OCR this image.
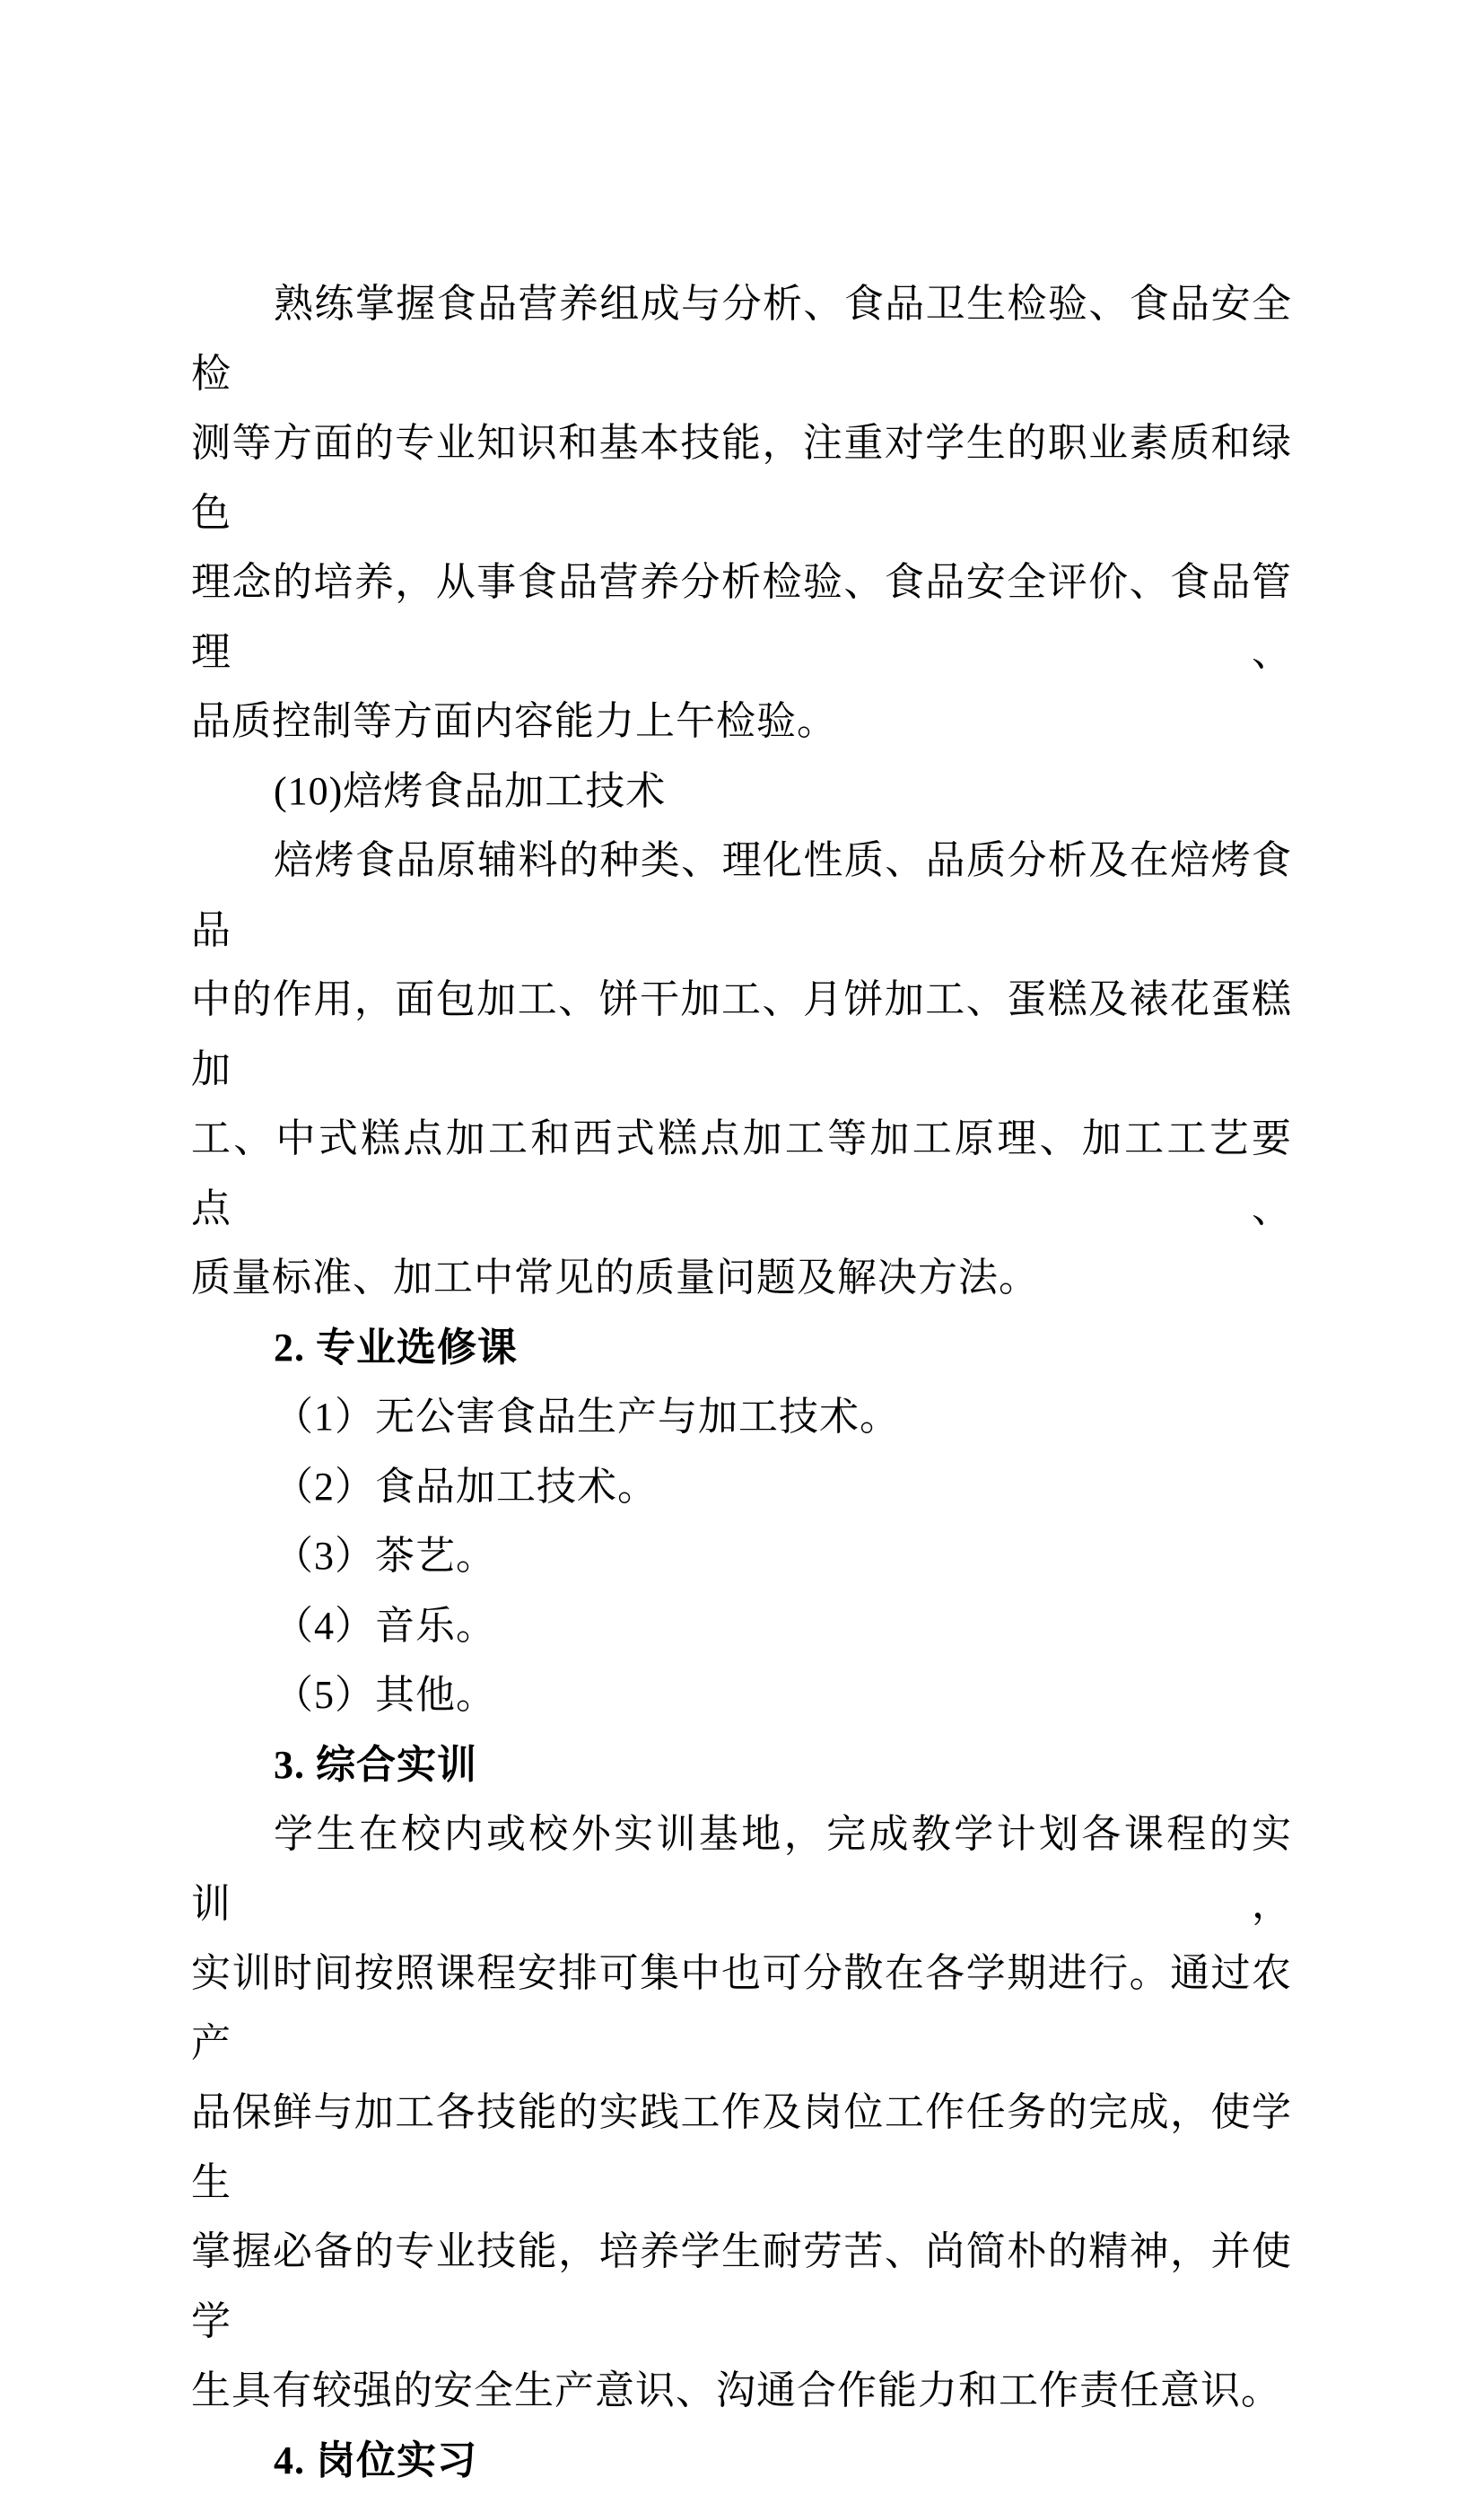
熟练掌握食品营养组成与分析、食品卫生检验、食品安全检
测等方面的专业知识和基本技能，注重对学生的职业素质和绿色
理念的培养，从事食品营养分析检验、食品安全评价、食品管理、
品质控制等方面内容能力上午检验。
(10)焙烤食品加工技术
焙烤食品原辅料的种类、理化性质、品质分析及在焙烤食品
中的作用，面包加工、饼干加工、月饼加工、蛋糕及裱花蛋糕加
工、中式糕点加工和西式糕点加工等加工原理、加工工艺要点、
质量标准、加工中常见的质量问题及解决方法。
2. 专业选修课
（1）无公害食品生产与加工技术。
（2）食品加工技术。
（3）茶艺。
（4）音乐。
（5）其他。
3. 综合实训
学生在校内或校外实训基地，完成教学计划各课程的实训，
实训时间按照课程安排可集中也可分散在各学期进行。通过农产
品保鲜与加工各技能的实践工作及岗位工作任务的完成，使学生
掌握必备的专业技能，培养学生耐劳苦、尚简朴的精神，并使学
生具有较强的安全生产意识、沟通合作能力和工作责任意识。
4. 岗位实习
